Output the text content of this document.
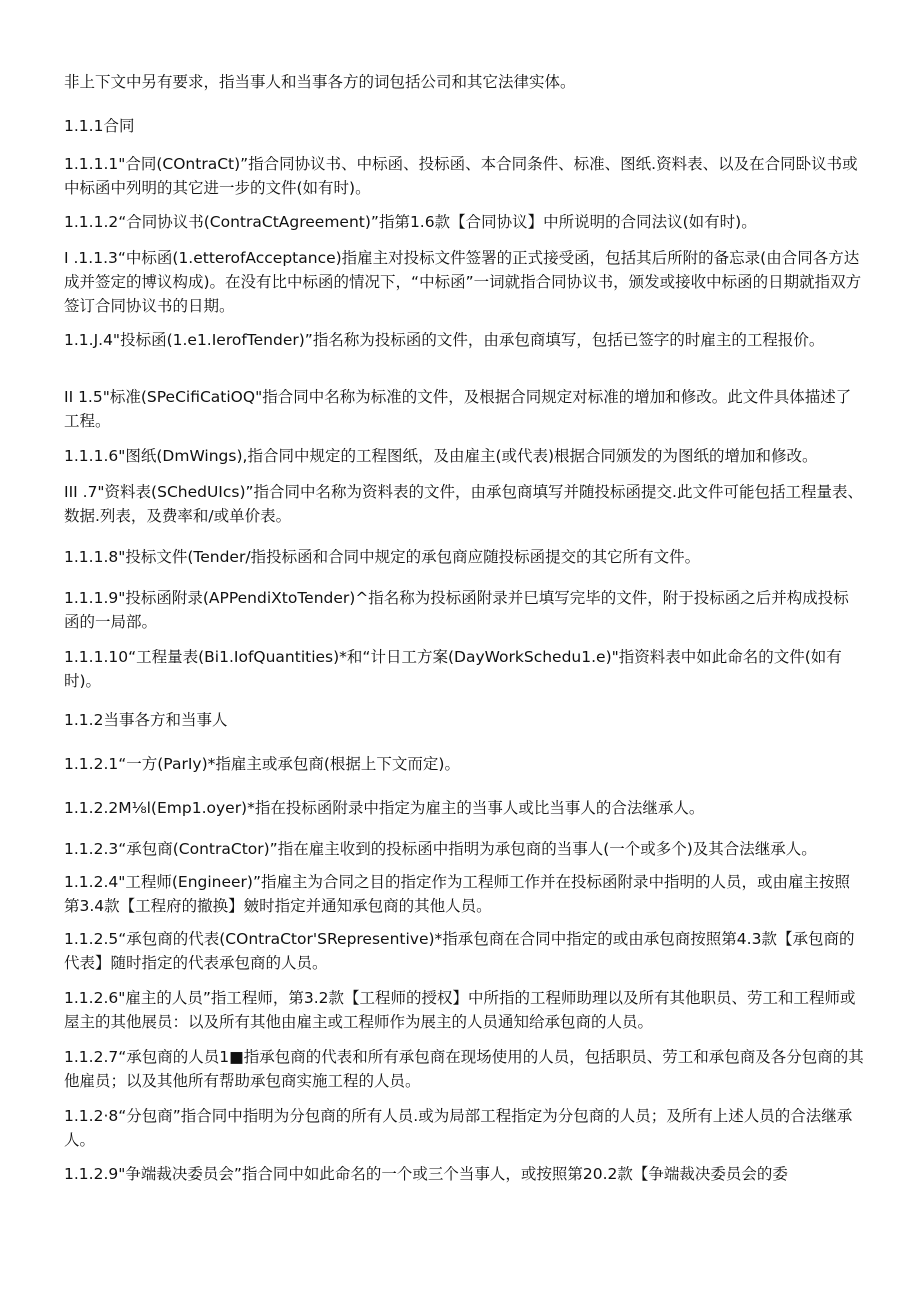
非上下文中另有要求，指当事人和当事各方的词包括公司和其它法律实体。
1.1.1合同
1.1.1.1"合同(COntraCt)”指合同协议书、中标函、投标函、本合同条件、标准、图纸.资料表、以及在合同卧议书或中标函中列明的其它进一步的文件(如有时)。
1.1.1.2“合同协议书(ContraCtAgreement)”指第1.6款【合同协议】中所说明的合同法议(如有时)。
I .1.1.3“中标函(1.etterofAcceptance)指雇主对投标文件签署的正式接受函，包括其后所附的备忘录(由合同各方达成并签定的博议构成)。在没有比中标函的情况下，“中标函”一词就指合同协议书，颁发或接收中标函的日期就指双方签订合同协议书的日期。
1.1.J.4"投标函(1.e1.IerofTender)”指名称为投标函的文件，由承包商填写，包括已签字的时雇主的工程报价。
II 1.5"标准(SPeCifiCatiOQ"指合同中名称为标准的文件，及根据合同规定对标准的增加和修改。此文件具体描述了工程。
1.1.1.6"图纸(DmWings),指合同中规定的工程图纸，及由雇主(或代表)根据合同颁发的为图纸的增加和修改。
III .7"资料表(SChedUIcs)”指合同中名称为资料表的文件，由承包商填写并随投标函提交.此文件可能包括工程量表、数据.列表，及费率和/或单价表。
1.1.1.8"投标文件(Tender/指投标函和合同中规定的承包商应随投标函提交的其它所有文件。
1.1.1.9"投标函附录(APPendiXtoTender)^指名称为投标函附录并巳填写完毕的文件，附于投标函之后并构成投标函的一局部。
1.1.1.10“工程量表(Bi1.IofQuantities)*和“计日工方案(DayWorkSchedu1.e)"指资料表中如此命名的文件(如有时)。
1.1.2当事各方和当事人
1.1.2.1“一方(ParIy)*指雇主或承包商(根据上下文而定)。
1.1.2.2M⅛l(Emp1.oyer)*指在投标函附录中指定为雇主的当事人或比当事人的合法继承人。
1.1.2.3“承包商(ContraCtor)”指在雇主收到的投标函中指明为承包商的当事人(一个或多个)及其合法继承人。
1.1.2.4"工程师(Engineer)”指雇主为合同之目的指定作为工程师工作并在投标函附录中指明的人员，或由雇主按照第3.4款【工程府的撤换】皴时指定并通知承包商的其他人员。
1.1.2.5“承包商的代表(COntraCtor'SRepresentive)*指承包商在合同中指定的或由承包商按照第4.3款【承包商的代表】随时指定的代表承包商的人员。
1.1.2.6"雇主的人员”指工程师，第3.2款【工程师的授权】中所指的工程师助理以及所有其他职员、劳工和工程师或屋主的其他展员：以及所有其他由雇主或工程师作为展主的人员通知给承包商的人员。
1.1.2.7“承包商的人员1■指承包商的代表和所有承包商在现场使用的人员，包括职员、劳工和承包商及各分包商的其他雇员；以及其他所有帮助承包商实施工程的人员。
1.1.2·8“分包商”指合同中指明为分包商的所有人员.或为局部工程指定为分包商的人员；及所有上述人员的合法继承人。
1.1.2.9"争端裁决委员会”指合同中如此命名的一个或三个当事人，或按照第20.2款【争端裁决委员会的委
